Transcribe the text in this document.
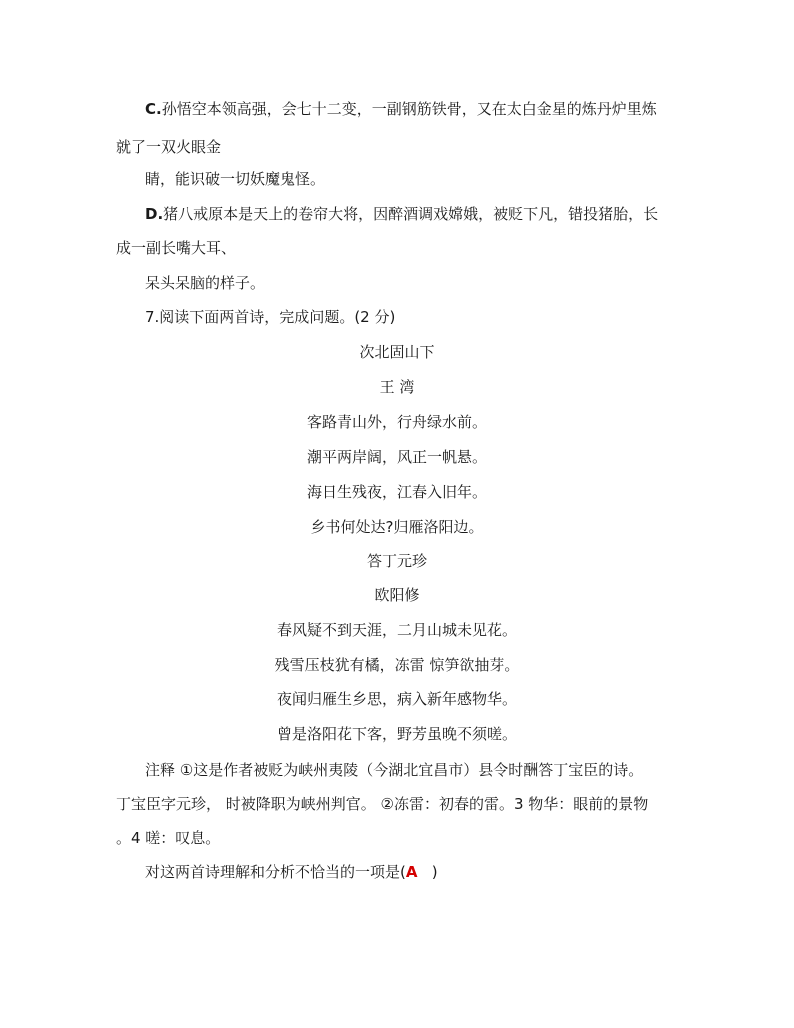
C.孙悟空本领高强，会七十二变，一副钢筋铁骨，又在太白金星的炼丹炉里炼
就了一双火眼金
睛，能识破一切妖魔鬼怪。
D.猪八戒原本是天上的卷帘大将，因醉酒调戏嫦娥，被贬下凡，错投猪胎，长
成一副长嘴大耳、
呆头呆脑的样子。
7.阅读下面两首诗，完成问题。(2 分)
次北固山下
王 湾
客路青山外，行舟绿水前。
潮平两岸阔，风正一帆悬。
海日生残夜，江春入旧年。
乡书何处达?归雁洛阳边。
答丁元珍
欧阳修
春风疑不到天涯，二月山城未见花。
残雪压枝犹有橘，冻雷 惊笋欲抽芽。
夜闻归雁生乡思，病入新年感物华。
曾是洛阳花下客，野芳虽晚不须嗟。
注释 ①这是作者被贬为峡州夷陵（今湖北宜昌市）县令时酬答丁宝臣的诗。
丁宝臣字元珍， 时被降职为峡州判官。 ②冻雷：初春的雷。3 物华：眼前的景物
。4 嗟：叹息。
对这两首诗理解和分析不恰当的一项是(A   )
